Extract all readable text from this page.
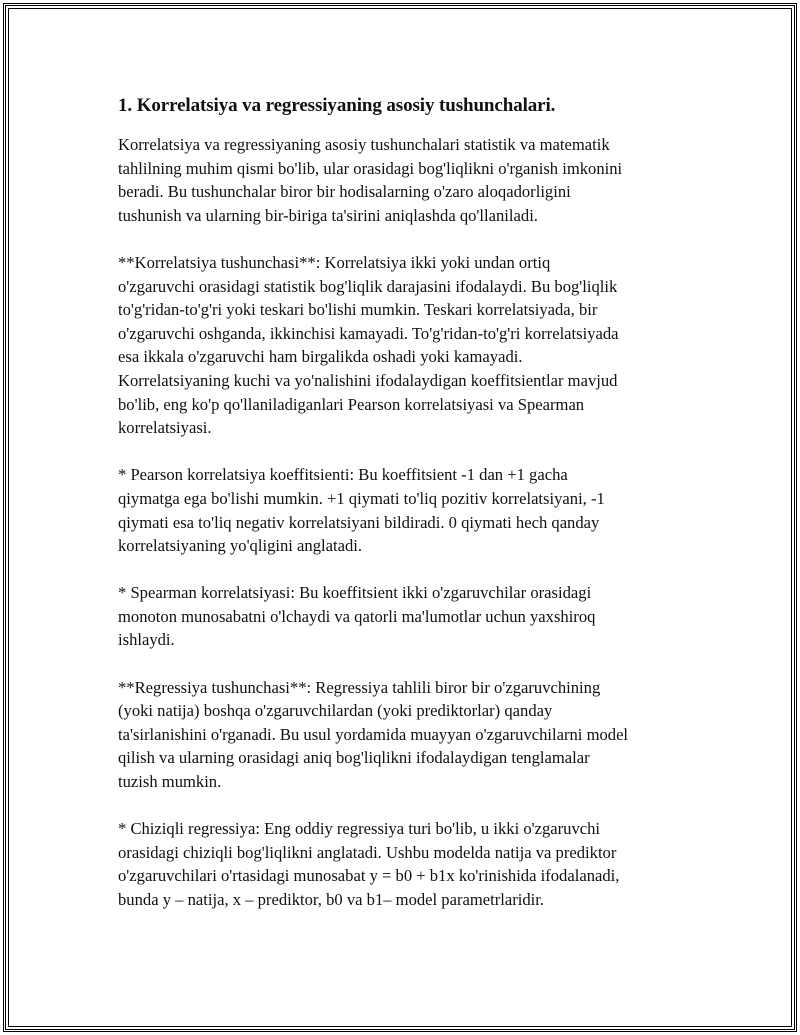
1. Korrelatsiya va regressiyaning asosiy tushunchalari.
Korrelatsiya va regressiyaning asosiy tushunchalari statistik va matematik
tahlilning muhim qismi bo'lib, ular orasidagi bog'liqlikni o'rganish imkonini
beradi. Bu tushunchalar biror bir hodisalarning o'zaro aloqadorligini
tushunish va ularning bir-biriga ta'sirini aniqlashda qo'llaniladi.
**Korrelatsiya tushunchasi**: Korrelatsiya ikki yoki undan ortiq
o'zgaruvchi orasidagi statistik bog'liqlik darajasini ifodalaydi. Bu bog'liqlik
to'g'ridan-to'g'ri yoki teskari bo'lishi mumkin. Teskari korrelatsiyada, bir
o'zgaruvchi oshganda, ikkinchisi kamayadi. To'g'ridan-to'g'ri korrelatsiyada
esa ikkala o'zgaruvchi ham birgalikda oshadi yoki kamayadi.
Korrelatsiyaning kuchi va yo'nalishini ifodalaydigan koeffitsientlar mavjud
bo'lib, eng ko'p qo'llaniladiganlari Pearson korrelatsiyasi va Spearman
korrelatsiyasi.
* Pearson korrelatsiya koeffitsienti: Bu koeffitsient -1 dan +1 gacha
qiymatga ega bo'lishi mumkin. +1 qiymati to'liq pozitiv korrelatsiyani, -1
qiymati esa to'liq negativ korrelatsiyani bildiradi. 0 qiymati hech qanday
korrelatsiyaning yo'qligini anglatadi.
* Spearman korrelatsiyasi: Bu koeffitsient ikki o'zgaruvchilar orasidagi
monoton munosabatni o'lchaydi va qatorli ma'lumotlar uchun yaxshiroq
ishlaydi.
**Regressiya tushunchasi**: Regressiya tahlili biror bir o'zgaruvchining
(yoki natija) boshqa o'zgaruvchilardan (yoki prediktorlar) qanday
ta'sirlanishini o'rganadi. Bu usul yordamida muayyan o'zgaruvchilarni model
qilish va ularning orasidagi aniq bog'liqlikni ifodalaydigan tenglamalar
tuzish mumkin.
* Chiziqli regressiya: Eng oddiy regressiya turi bo'lib, u ikki o'zgaruvchi
orasidagi chiziqli bog'liqlikni anglatadi. Ushbu modelda natija va prediktor
o'zgaruvchilari o'rtasidagi munosabat y = b0 + b1x ko'rinishida ifodalanadi,
bunda y – natija, x – prediktor, b0 va b1– model parametrlaridir.
